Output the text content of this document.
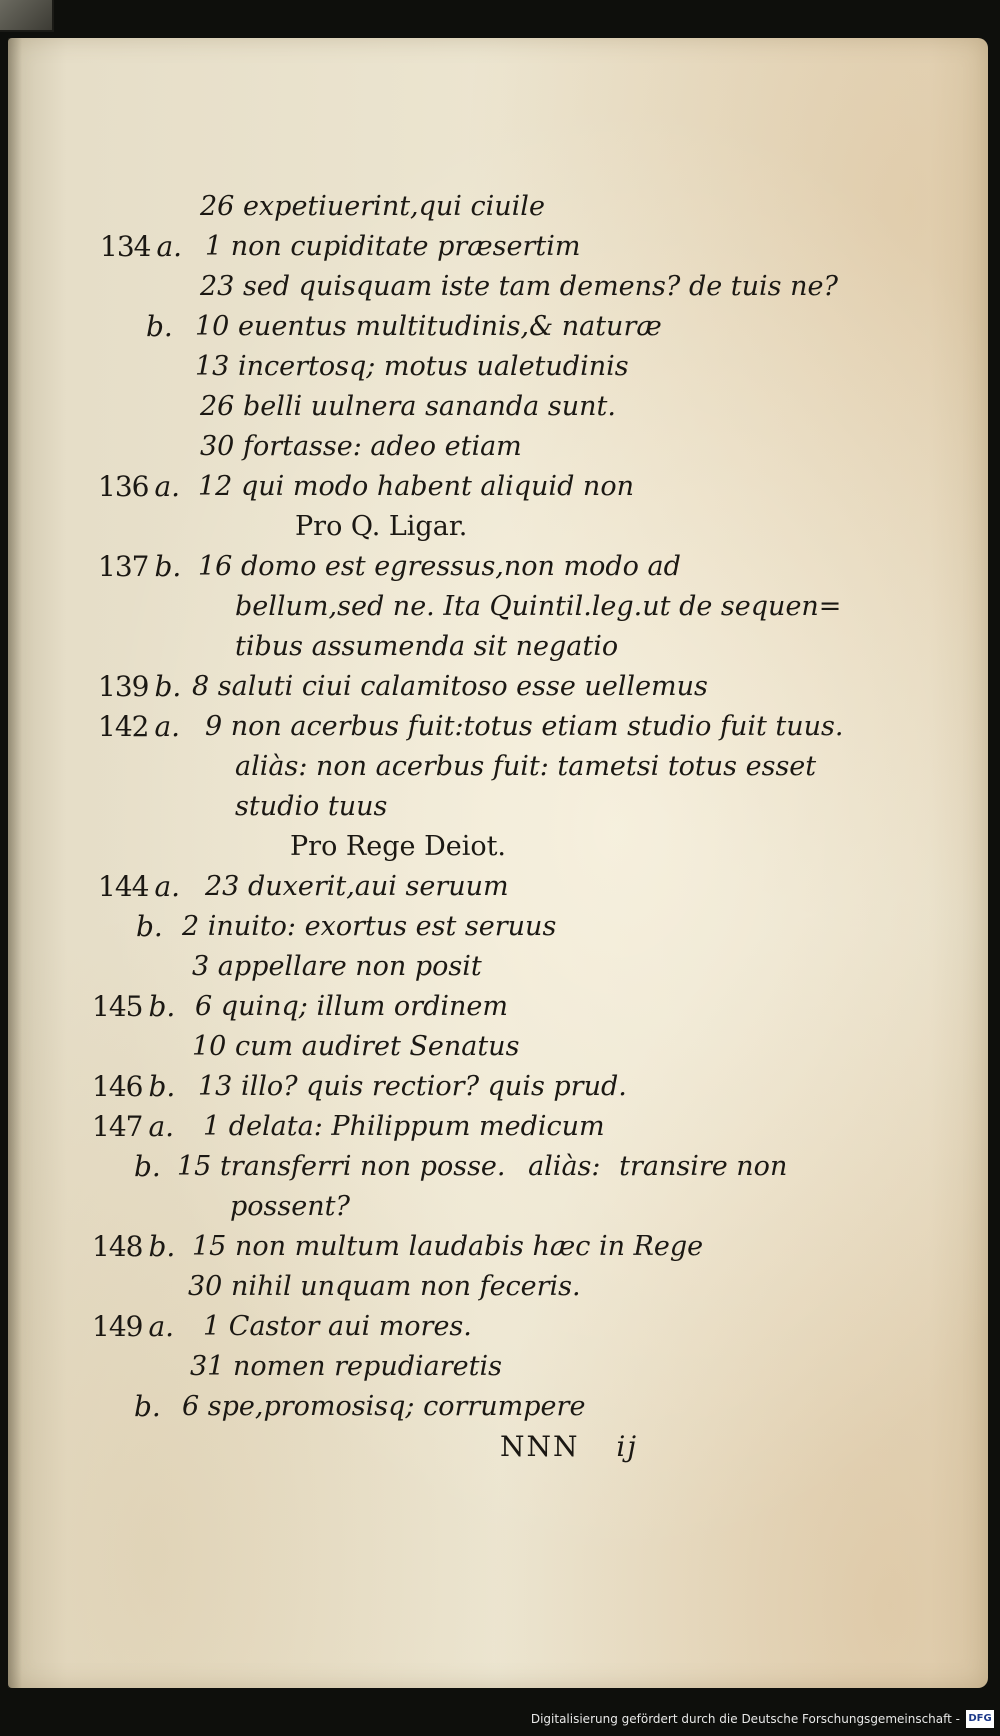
26 expetiuerint,qui ciuile
134 a. 1 non cupiditate præsertim
23 sed quisquam iste tam demens? de tuis ne?
b. 10 euentus multitudinis,& naturæ
13 incertosq; motus ualetudinis
26 belli uulnera sananda sunt.
30 fortasse: adeo etiam
136 a. 12 qui modo habent aliquid non
Pro Q. Ligar.
137 b. 16 domo est egressus,non modo ad
bellum,sed ne. Ita Quintil.leg.ut de sequen=
tibus assumenda sit negatio
139 b. 8 saluti ciui calamitoso esse uellemus
142 a. 9 non acerbus fuit:totus etiam studio fuit tuus.
aliàs: non acerbus fuit: tametsi totus esset
studio tuus
Pro Rege Deiot.
144 a. 23 duxerit,aui seruum
b. 2 inuito: exortus est seruus
3 appellare non posit
145 b. 6 quinq; illum ordinem
10 cum audiret Senatus
146 b. 13 illo? quis rectior? quis prud.
147 a. 1 delata: Philippum medicum
b. 15 transferri non posse. aliàs: transire non
possent?
148 b. 15 non multum laudabis hæc in Rege
30 nihil unquam non feceris.
149 a. 1 Castor aui mores.
31 nomen repudiaretis
b. 6 spe,promosisq; corrumpere
NNN ij
Digitalisierung gefördert durch die Deutsche Forschungsgemeinschaft - DFG
